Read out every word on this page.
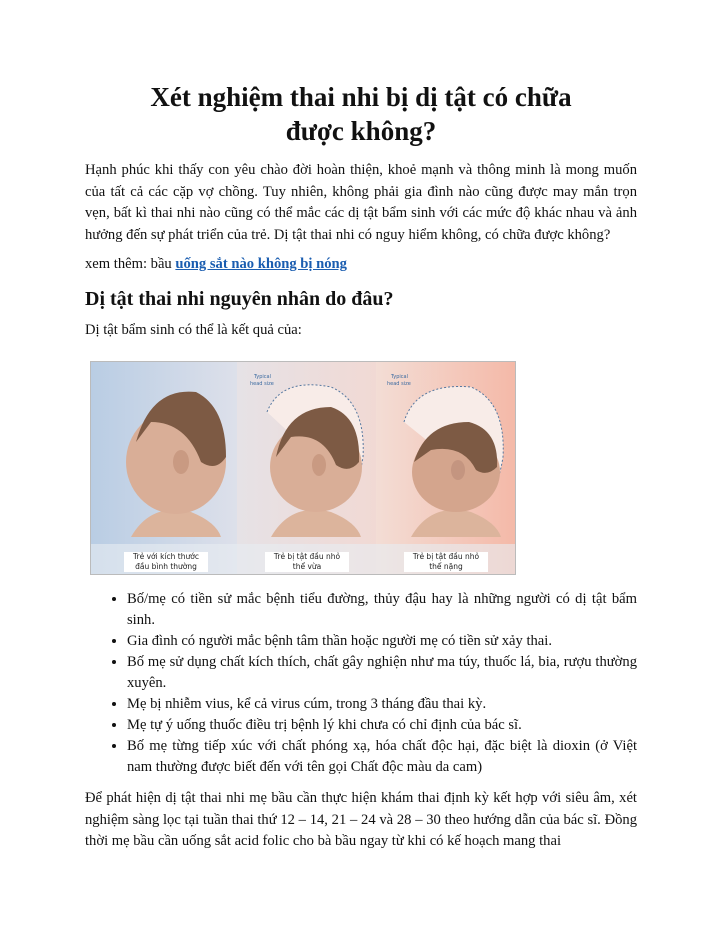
Xét nghiệm thai nhi bị dị tật có chữa được không?

Hạnh phúc khi thấy con yêu chào đời hoàn thiện, khoẻ mạnh và thông minh là mong muốn của tất cả các cặp vợ chồng. Tuy nhiên, không phải gia đình nào cũng được may mắn trọn vẹn, bất kì thai nhi nào cũng có thể mắc các dị tật bẩm sinh với các mức độ khác nhau và ảnh hưởng đến sự phát triển của trẻ. Dị tật thai nhi có nguy hiểm không, có chữa được không?

xem thêm: bầu uống sắt nào không bị nóng

Dị tật thai nhi nguyên nhân do đâu?

Dị tật bẩm sinh có thể là kết quả của:

Typical
head size
Typical
head size
Trẻ với kích thước
đầu bình thường
Trẻ bị tật đầu nhỏ
thể vừa
Trẻ bị tật đầu nhỏ
thể nặng
• Bố/mẹ có tiền sử mắc bệnh tiểu đường, thủy đậu hay là những người có dị tật bẩm sinh.
• Gia đình có người mắc bệnh tâm thần hoặc người mẹ có tiền sử xảy thai.
• Bố mẹ sử dụng chất kích thích, chất gây nghiện như ma túy, thuốc lá, bia, rượu thường xuyên.
• Mẹ bị nhiễm vius, kể cả virus cúm, trong 3 tháng đầu thai kỳ.
• Mẹ tự ý uống thuốc điều trị bệnh lý khi chưa có chỉ định của bác sĩ.
• Bố mẹ từng tiếp xúc với chất phóng xạ, hóa chất độc hại, đặc biệt là dioxin (ở Việt nam thường được biết đến với tên gọi Chất độc màu da cam)

Để phát hiện dị tật thai nhi mẹ bầu cần thực hiện khám thai định kỳ kết hợp với siêu âm, xét nghiệm sàng lọc tại tuần thai thứ 12 – 14, 21 – 24 và 28 – 30 theo hướng dẫn của bác sĩ. Đồng thời mẹ bầu cần uống sắt acid folic cho bà bầu ngay từ khi có kế hoạch mang thai
